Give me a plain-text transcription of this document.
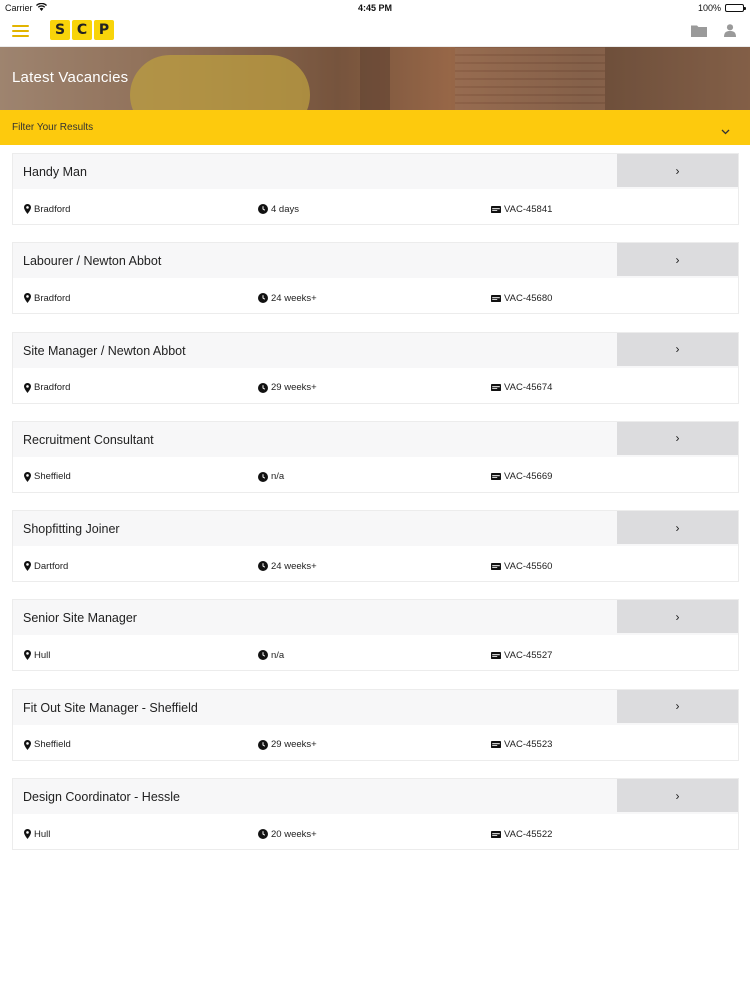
Carrier	4:45 PM	100%
S C P
Latest Vacancies
Filter Your Results
Handy Man	›
Bradford	4 days	VAC-45841
Labourer / Newton Abbot	›
Bradford	24 weeks+	VAC-45680
Site Manager / Newton Abbot	›
Bradford	29 weeks+	VAC-45674
Recruitment Consultant	›
Sheffield	n/a	VAC-45669
Shopfitting Joiner	›
Dartford	24 weeks+	VAC-45560
Senior Site Manager	›
Hull	n/a	VAC-45527
Fit Out Site Manager - Sheffield	›
Sheffield	29 weeks+	VAC-45523
Design Coordinator - Hessle	›
Hull	20 weeks+	VAC-45522
